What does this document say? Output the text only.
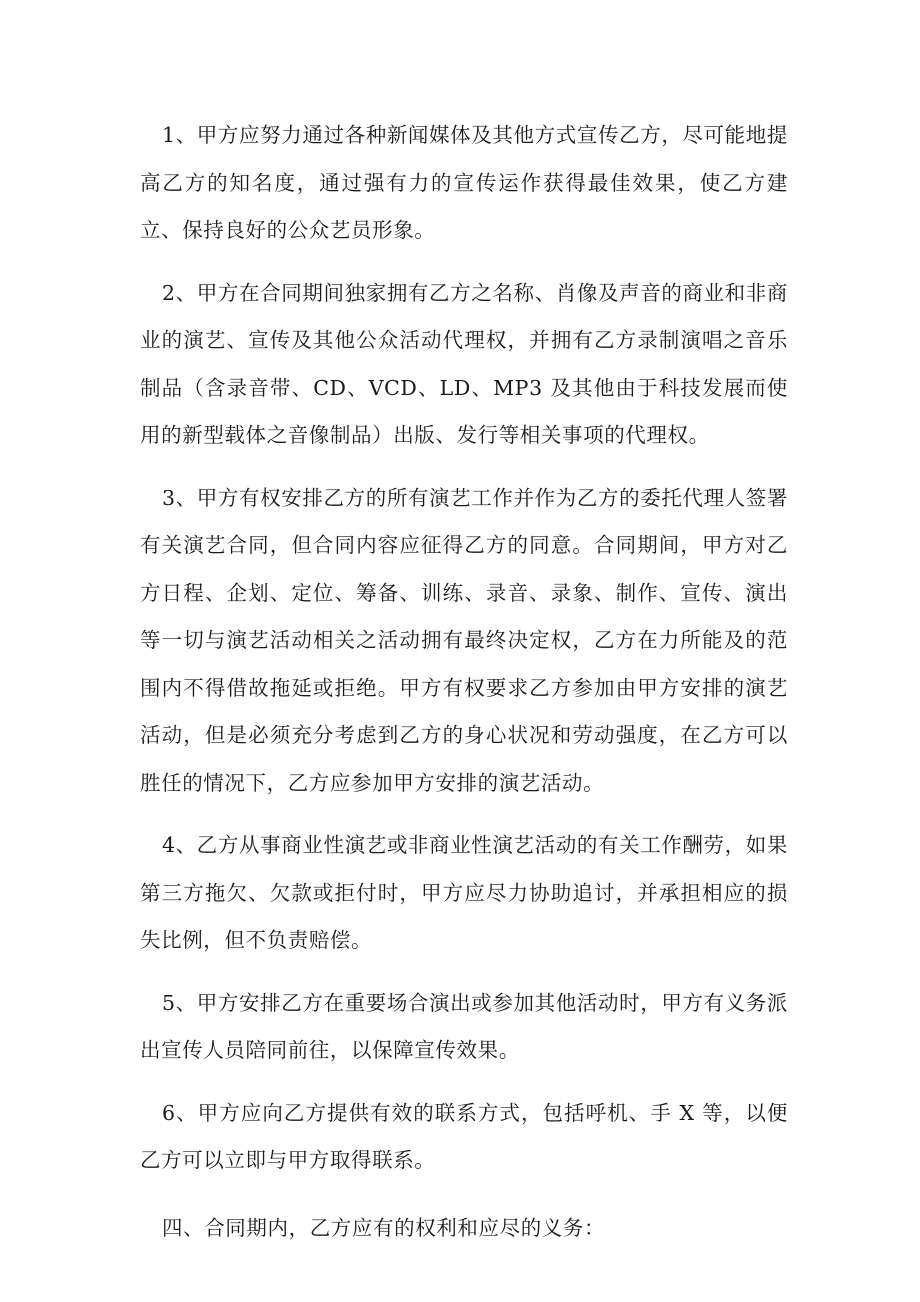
1、甲方应努力通过各种新闻媒体及其他方式宣传乙方，尽可能地提高乙方的知名度，通过强有力的宣传运作获得最佳效果，使乙方建立、保持良好的公众艺员形象。

2、甲方在合同期间独家拥有乙方之名称、肖像及声音的商业和非商业的演艺、宣传及其他公众活动代理权，并拥有乙方录制演唱之音乐制品（含录音带、CD、VCD、LD、MP3 及其他由于科技发展而使用的新型载体之音像制品）出版、发行等相关事项的代理权。

3、甲方有权安排乙方的所有演艺工作并作为乙方的委托代理人签署有关演艺合同，但合同内容应征得乙方的同意。合同期间，甲方对乙方日程、企划、定位、筹备、训练、录音、录象、制作、宣传、演出等一切与演艺活动相关之活动拥有最终决定权，乙方在力所能及的范围内不得借故拖延或拒绝。甲方有权要求乙方参加由甲方安排的演艺活动，但是必须充分考虑到乙方的身心状况和劳动强度，在乙方可以胜任的情况下，乙方应参加甲方安排的演艺活动。

4、乙方从事商业性演艺或非商业性演艺活动的有关工作酬劳，如果第三方拖欠、欠款或拒付时，甲方应尽力协助追讨，并承担相应的损失比例，但不负责赔偿。

5、甲方安排乙方在重要场合演出或参加其他活动时，甲方有义务派出宣传人员陪同前往，以保障宣传效果。

6、甲方应向乙方提供有效的联系方式，包括呼机、手 X 等，以便乙方可以立即与甲方取得联系。

四、合同期内，乙方应有的权利和应尽的义务：
